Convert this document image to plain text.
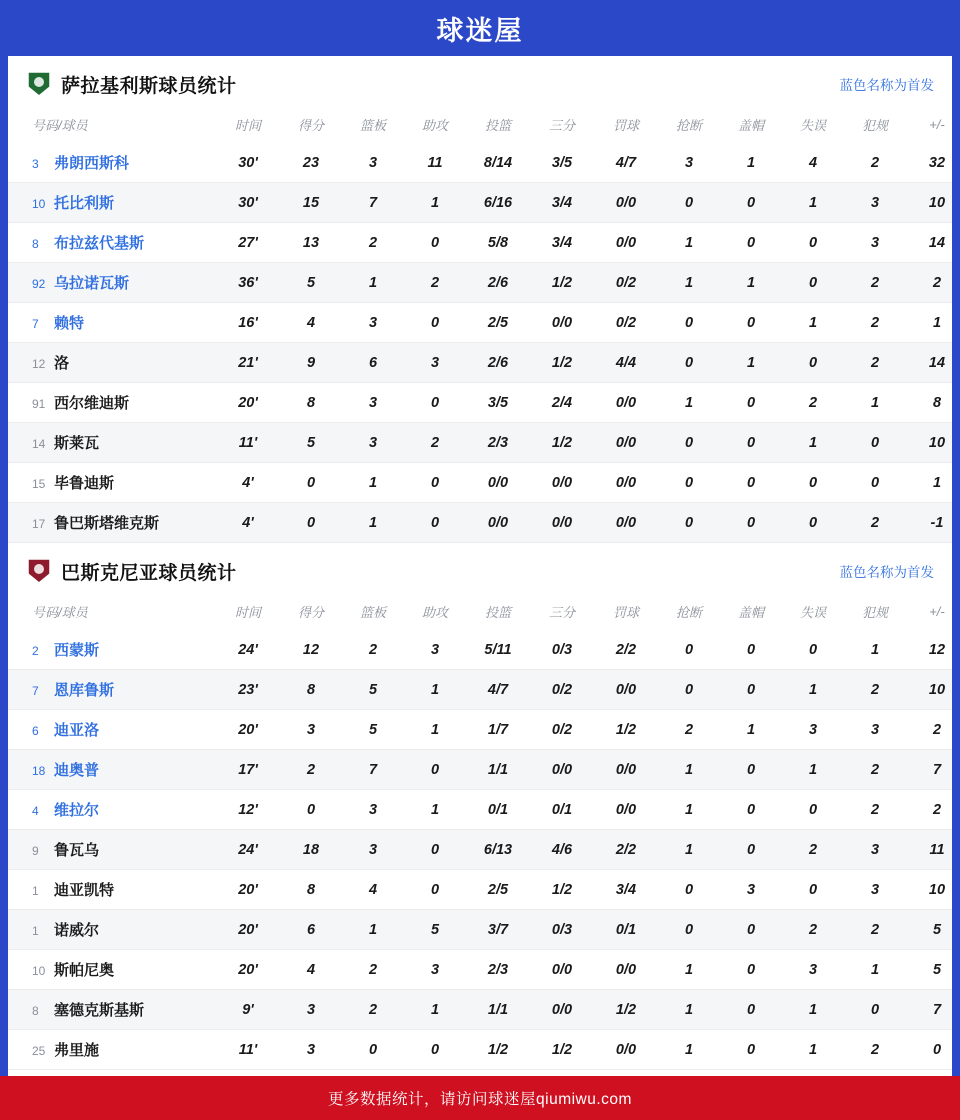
球迷屋
萨拉基利斯球员统计	蓝色名称为首发
号码/球员	时间	得分	篮板	助攻	投篮	三分	罚球	抢断	盖帽	失误	犯规	+/-
3 弗朗西斯科	30'	23	3	11	8/14	3/5	4/7	3	1	4	2	32
10 托比利斯	30'	15	7	1	6/16	3/4	0/0	0	0	1	3	10
8 布拉兹代基斯	27'	13	2	0	5/8	3/4	0/0	1	0	0	3	14
92 乌拉诺瓦斯	36'	5	1	2	2/6	1/2	0/2	1	1	0	2	2
7 赖特	16'	4	3	0	2/5	0/0	0/2	0	0	1	2	1
12 洛	21'	9	6	3	2/6	1/2	4/4	0	1	0	2	14
91 西尔维迪斯	20'	8	3	0	3/5	2/4	0/0	1	0	2	1	8
14 斯莱瓦	11'	5	3	2	2/3	1/2	0/0	0	0	1	0	10
15 毕鲁迪斯	4'	0	1	0	0/0	0/0	0/0	0	0	0	0	1
17 鲁巴斯塔维克斯	4'	0	1	0	0/0	0/0	0/0	0	0	0	2	-1
巴斯克尼亚球员统计	蓝色名称为首发
号码/球员	时间	得分	篮板	助攻	投篮	三分	罚球	抢断	盖帽	失误	犯规	+/-
2 西蒙斯	24'	12	2	3	5/11	0/3	2/2	0	0	0	1	12
7 恩库鲁斯	23'	8	5	1	4/7	0/2	0/0	0	0	1	2	10
6 迪亚洛	20'	3	5	1	1/7	0/2	1/2	2	1	3	3	2
18 迪奥普	17'	2	7	0	1/1	0/0	0/0	1	0	1	2	7
4 维拉尔	12'	0	3	1	0/1	0/1	0/0	1	0	0	2	2
9 鲁瓦乌	24'	18	3	0	6/13	4/6	2/2	1	0	2	3	11
1 迪亚凯特	20'	8	4	0	2/5	1/2	3/4	0	3	0	3	10
1 诺威尔	20'	6	1	5	3/7	0/3	0/1	0	0	2	2	5
10 斯帕尼奥	20'	4	2	3	2/3	0/0	0/0	1	0	3	1	5
8 塞德克斯基斯	9'	3	2	1	1/1	0/0	1/2	1	0	1	0	7
25 弗里施	11'	3	0	0	1/2	1/2	0/0	1	0	1	2	0
更多数据统计，请访问球迷屋qiumiwu.com
